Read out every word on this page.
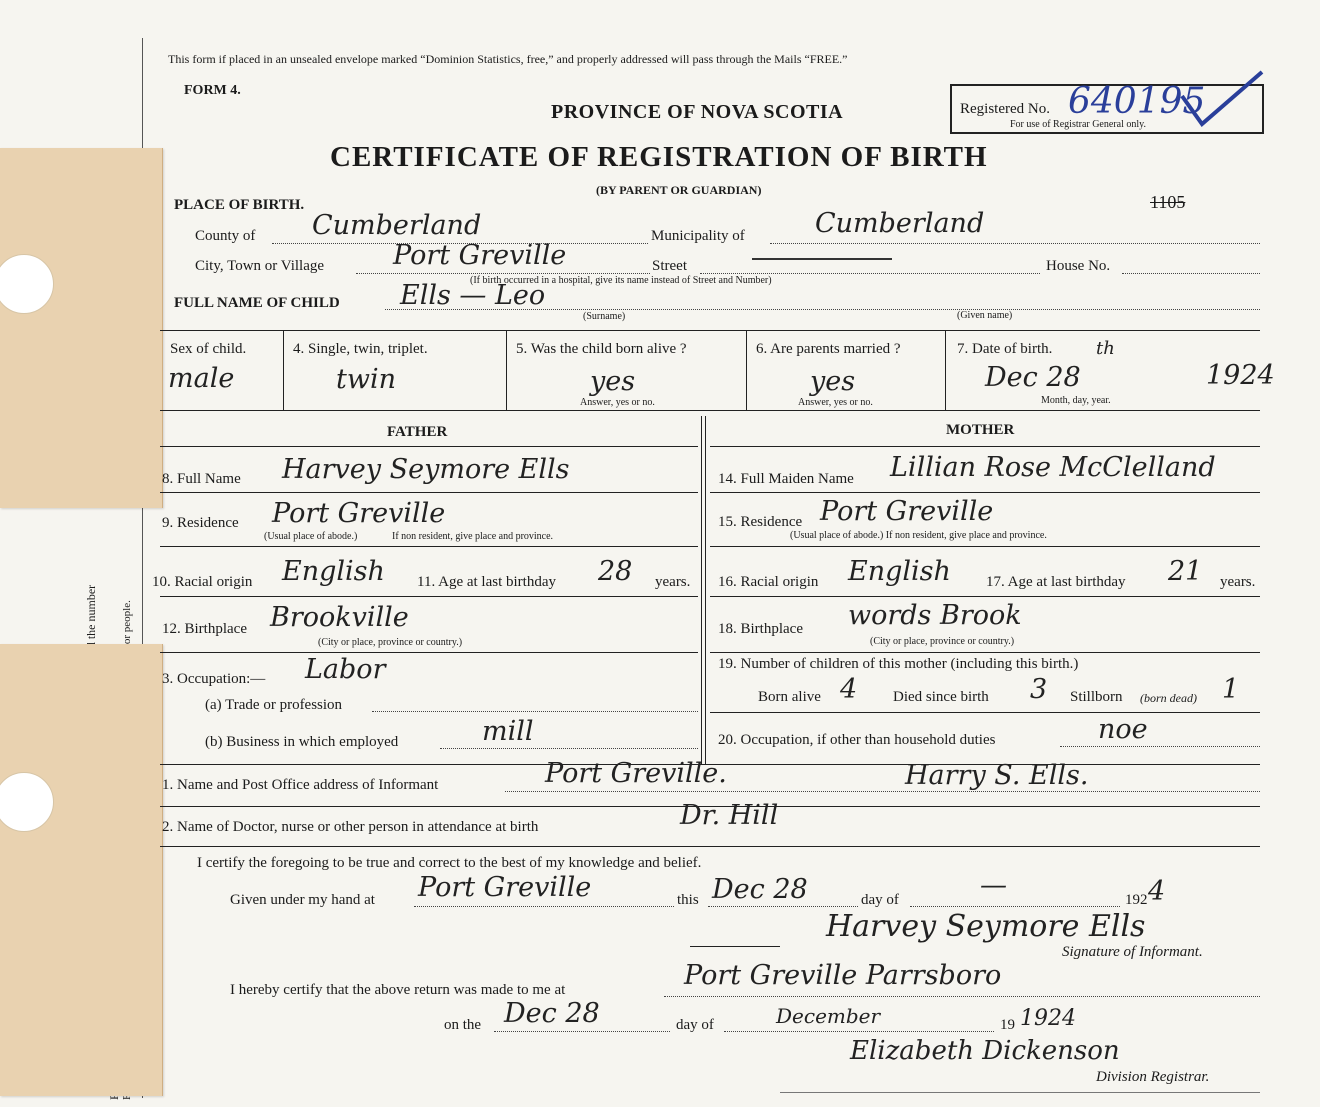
This form if placed in an unsealed envelope marked “Dominion Statistics, free,” and properly addressed will pass through the Mails “FREE.”
FORM 4.
PROVINCE OF NOVA SCOTIA
CERTIFICATE OF REGISTRATION OF BIRTH
(BY PARENT OR GUARDIAN)
Registered No. 640195
For use of Registrar General only.
PLACE OF BIRTH.	1105
County of Cumberland	Municipality of	Cumberland
City, Town or Village	Port Greville	Street	House No.
(If birth occurred in a hospital, give its name instead of Street and Number)
FULL NAME OF CHILD Ells — Leo
(Surname)	(Given name)
Sex of child.
male
4. Single, twin, triplet.
twin
5. Was the child born alive ?
yes
Answer, yes or no.
6. Are parents married ?
yes
Answer, yes or no.
7. Date of birth. th
Dec 28	1924
Month, day, year.
FATHER	MOTHER
8. Full Name Harvey Seymore Ells
9. Residence Port Greville
(Usual place of abode.)	If non resident, give place and province.
10. Racial origin English 11. Age at last birthday 28 years.
12. Birthplace Brookville
(City or place, province or country.)
3. Occupation:— Labor
(a) Trade or profession
(b) Business in which employed	mill
14. Full Maiden Name Lillian Rose McClelland
15. Residence Port Greville
(Usual place of abode.) If non resident, give place and province.
16. Racial origin English 17. Age at last birthday 21 years.
18. Birthplace words Brook
(City or place, province or country.)
19. Number of children of this mother (including this birth.)
Born alive 4 Died since birth 3 Stillborn (born dead) 1
20. Occupation, if other than household duties	noe
1. Name and Post Office address of Informant	Port Greville.	Harry S. Ells.
2. Name of Doctor, nurse or other person in attendance at birth	Dr. Hill
I certify the foregoing to be true and correct to the best of my knowledge and belief.
Given under my hand at Port Greville	this Dec 28	day of	—	192 4
Harvey Seymore Ells
Signature of Informant.
I hereby certify that the above return was made to me at	Port Greville Parrsboro
on the Dec 28	day of	December	19 1924
Elizabeth Dickenson
Division Registrar.
